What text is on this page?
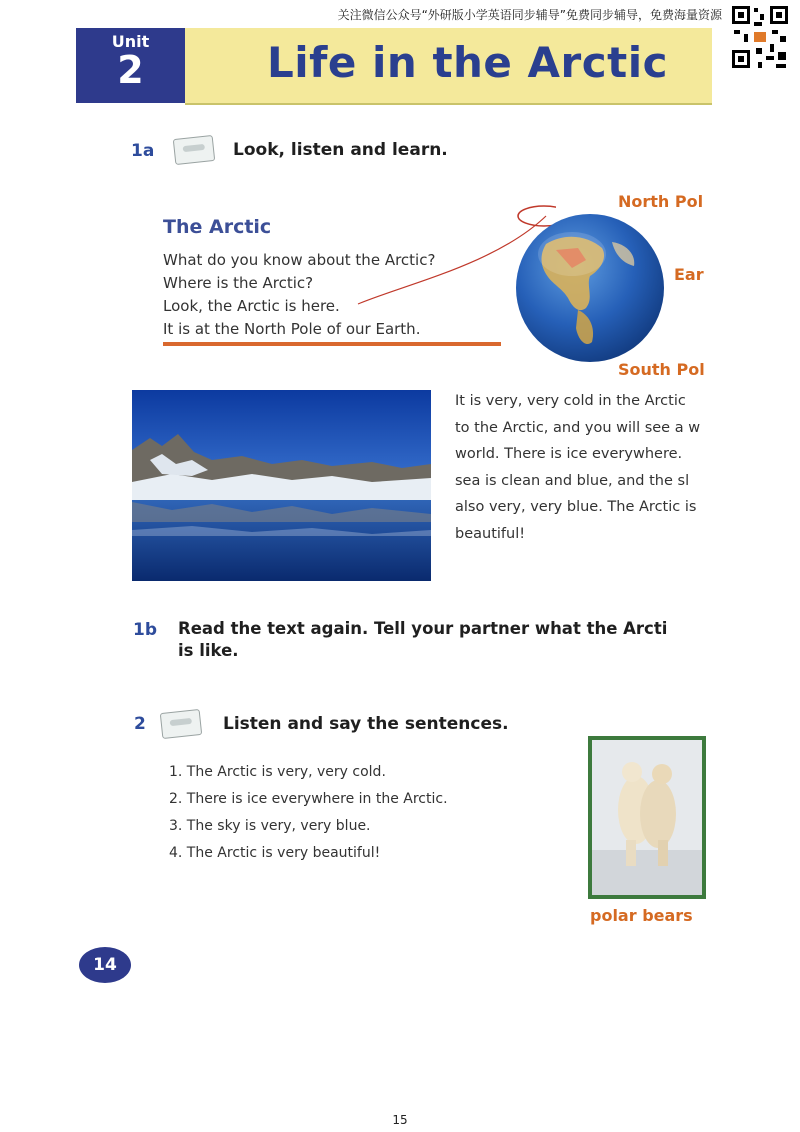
关注微信公众号“外研版小学英语同步辅导”免费同步辅导，免费海量资源
Unit
2	Life in the Arctic
1a	Look, listen and learn.
The Arctic
What do you know about the Arctic?
Where is the Arctic?
Look, the Arctic is here.
It is at the North Pole of our Earth.
North Pol
Ear
South Pol
It is very, very cold in the Arctic
to the Arctic, and you will see a w
world. There is ice everywhere.
sea is clean and blue, and the sl
also very, very blue. The Arctic is
beautiful!
1b Read the text again. Tell your partner what the Arcti
is like.
2	Listen and say the sentences.
1. The Arctic is very, very cold.
2. There is ice everywhere in the Arctic.
3. The sky is very, very blue.
4. The Arctic is very beautiful!
polar bears
14
15
